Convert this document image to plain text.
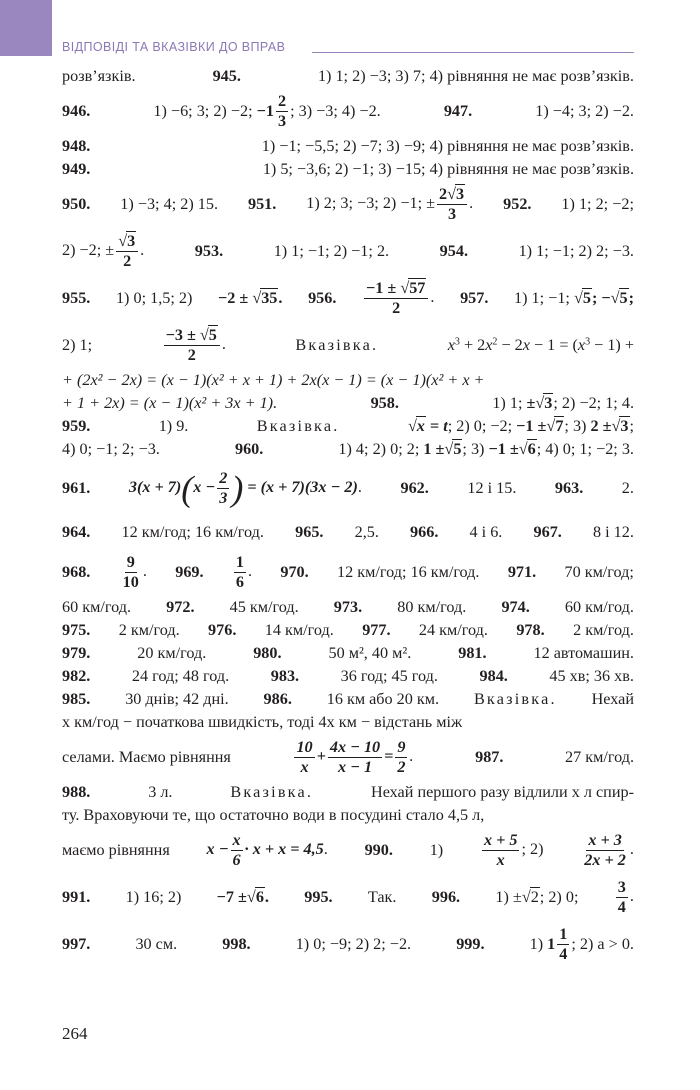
ВІДПОВІДІ ТА ВКАЗІВКИ ДО ВПРАВ
розв’язків.	945.	1) 1; 2) −3; 3) 7; 4) рівняння не має розв’язків.
946.	1) −6; 3; 2) −2; $-1 \frac{2}{3}$ ; 3) −3; 4) −2.	947.	1) −4; 3; 2) −2.
948.	1) −1; −5,5; 2) −7; 3) −9; 4) рівняння не має розв’язків.
949.	1) 5; −3,6; 2) −1; 3) −15; 4) рівняння не має розв’язків.
950. 1) −3; 4; 2) 15. 951. 1) 2; 3; −3; 2) −1; ± $\frac{2√3}{3}$ . 952. 1) 1; 2; −2;
2) −2; ± $\frac{√3}{2}$ .	953.	1) 1; −1; 2) −1; 2.	954.	1) 1; −1; 2) 2; −3.
955. 1) 0; 1,5; 2) −2 ± √35. 956. $\frac{-1 \pm √57}{2}$ . 957. 1) 1; −1; √5; −√5;
2) 1;	$\frac{-3 \pm √5}{2}$ .	Вказівка.	$x^3 + 2x^2 - 2x - 1 = (x^3 - 1)$ +
+ (2x² − 2x) = (x − 1)(x² + x + 1) + 2x(x − 1) = (x − 1)(x² + x +
+ 1 + 2x) = (x − 1)(x² + 3x + 1).	958.	1) 1; ±√3; 2) −2; 1; 4.
959.	1) 9.	Вказівка.	√x = t; 2) 0; −2; −1 ±√7; 3) 2 ±√3;
4) 0; −1; 2; −3.	960.	1) 4; 2) 0; 2; 1 ±√5; 3) −1 ±√6; 4) 0; 1; −2; 3.
961. $3(x + 7)(x - \frac{2}{3}$ ) = (x + 7)(3x − 2). 962. 12 і 15. 963. 2.
964. 12 км/год; 16 км/год. 965. 2,5. 966. 4 і 6. 967. 8 і 12.
968. $\frac{9}{10}$ . 969. $\frac{1}{6}$ . 970. 12 км/год; 16 км/год. 971. 70 км/год;
60 км/год. 972. 45 км/год. 973. 80 км/год. 974. 60 км/год.
975. 2 км/год. 976. 14 км/год. 977. 24 км/год. 978. 2 км/год.
979.	20 км/год.	980.	50 м², 40 м².	981.	12 автомашин.
982.	24 год; 48 год.	983.	36 год; 45 год.	984.	45 хв; 36 хв.
985. 30 днів; 42 дні. 986. 16 км або 20 км. Вказівка. Нехай
x км/год − початкова швидкість, тоді 4x км − відстань між
селами. Маємо рівняння	$\frac{10}{x} + \frac{4x - 10}{x - 1} = \frac{9}{2}$ .	987.	27 км/год.
988.	3 л.	Вказівка.	Нехай першого разу відлили x л спир-
ту. Враховуючи те, що остаточно води в посудині стало 4,5 л,
маємо рівняння $x - \frac{x}{6} \cdot x + x = 4,5$. 990. $1) \frac{x + 5}{x}$ ; $2) \frac{x + 3}{2x + 2}$ .
991. 1) 16; 2) −7 ±√6. 995. Так. 996. 1) ±√2; 2) 0; $\frac{3}{4}$ .
997.	30 см.	998.	1) 0; −9; 2) 2; −2.	999.	1) $1 \frac{1}{4}$ ; 2) a > 0.
264
